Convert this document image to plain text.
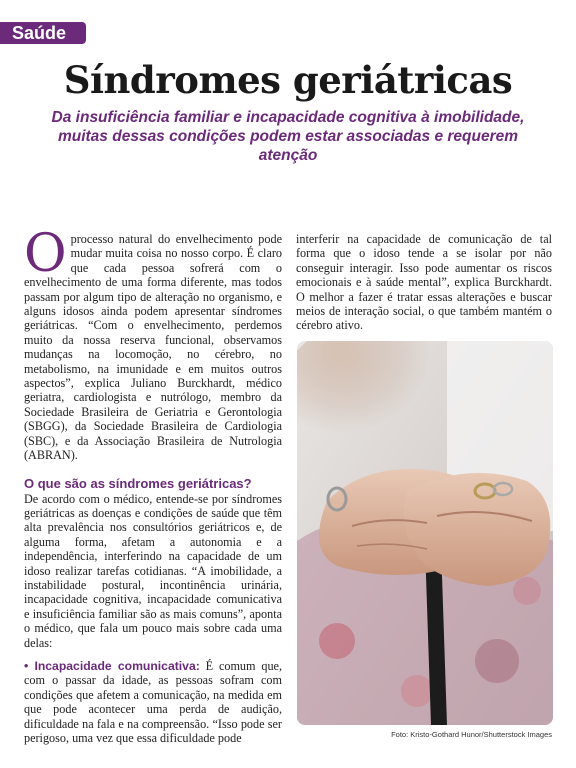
Saúde
Síndromes geriátricas
Da insuficiência familiar e incapacidade cognitiva à imobilidade, muitas dessas condições podem estar associadas e requerem atenção

Oprocesso natural do envelhecimento pode mudar muita coisa no nosso corpo. É claro que cada pessoa sofrerá com o envelhecimento de uma forma diferente, mas todos passam por algum tipo de alteração no organismo, e alguns idosos ainda podem apresentar síndromes geriátricas. “Com o envelhecimento, perdemos muito da nossa reserva funcional, observamos mudanças na locomoção, no cérebro, no metabolismo, na imunidade e em muitos outros aspectos”, explica Juliano Burckhardt, médico geriatra, cardiologista e nutrólogo, membro da Sociedade Brasileira de Geriatria e Gerontologia (SBGG), da Sociedade Brasileira de Cardiologia (SBC), e da Associação Brasileira de Nutrologia (ABRAN).

O que são as síndromes geriátricas?

De acordo com o médico, entende-se por síndromes geriátricas as doenças e condições de saúde que têm alta prevalência nos consultórios geriátricos e, de alguma forma, afetam a autonomia e a independência, interferindo na capacidade de um idoso realizar tarefas cotidianas. “A imobilidade, a instabilidade postural, incontinência urinária, incapacidade cognitiva, incapacidade comunicativa e insuficiência familiar são as mais comuns”, aponta o médico, que fala um pouco mais sobre cada uma delas:

• Incapacidade comunicativa: É comum que, com o passar da idade, as pessoas sofram com condições que afetem a comunicação, na medida em que pode acontecer uma perda de audição, dificuldade na fala e na compreensão. “Isso pode ser perigoso, uma vez que essa dificuldade pode

interferir na capacidade de comunicação de tal forma que o idoso tende a se isolar por não conseguir interagir. Isso pode aumentar os riscos emocionais e à saúde mental”, explica Burckhardt. O melhor a fazer é tratar essas alterações e buscar meios de interação social, o que também mantém o cérebro ativo.

Foto: Kristo-Gothard Hunor/Shutterstock Images
